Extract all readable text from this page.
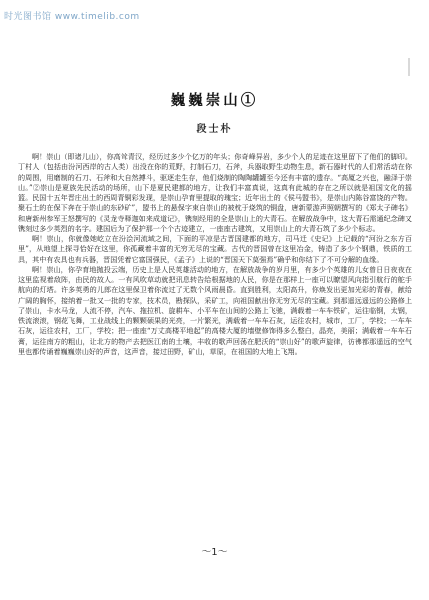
时光图书馆 www.timelib.com
巍巍崇山①
段士朴

啊！崇山（即诸儿山），你高耸青汉，经历过多少个亿万的年头；你奇峰异岩，多少个人的足迹在这里留下了他们的脚印。丁村人（包括由汾河西岸的古人类）出没在你的荒野，打制石刀，石斧，兵器取野生动物生息，新石器时代的人们常活动在你的周围，用磨制的石刀、石斧和大自然搏斗，驱逐走生存，他们烧制的陶陶罐罐至今还有丰富的遗存。“高厦之兴也，融泽于崇山。”②崇山是夏族先民活动的场所，山下是夏民建都的地方，让我们丰富真说，这真有此城的存在之所以就是祖国文化的摇篮。民国十五年晋庄出土的西周青铜彩发现，是崇山孕育里提取的瑰宝；近年出土的《侯马盟书》，是崇山内陈谷富饶的产物。聚石土的在保下奔在于崇山的东砂矿”，盟书上的悬保字束自崇山的被枕于烧筑的铜盘，唐新蒙游声照朝撰写的《郑太子碑名》和唐新州参军王怒撰写的《灵龙寺释迦如来成道记》，镌刻经用的全是崇山上的大青石。在解放战争中，这大青石需通纪念碑又镌刻过多少英烈的名字。建国后为了保护那一个个古迹建立，一座座古建筑，又用崇山上的大青石筑了多少个标志。

啊！崇山，你就像她屹立在汾浍河流域之间，下面的平凉是古晋国建都的地方，司马迁《史记》上记载的“河汾之东方百里”，从地望上探寻恰好在这里，你孤藏着丰富的无穷无尽的宝藏。古代的晋国曾在这里冶金，铸造了多少个钢鼎，铁质的工具，其中有农具也有兵器，晋国凭着它富国强民，《孟子》上说的“晋国天下莫强焉”确乎和你结下了不可分解的血缘。

啊！崇山，你孕育地抛投云端，历史上是人民英雄活动的地方，在解放战争的岁月里，有多少个英雄的儿女曾日日夜夜在这里监视着敌阵，由民的故人。一有风吹草动就把讯息转告给根据地的人民，你是在那样上一座可以瞭望风向指引航行的舵手航向的灯塔。许多英勇的儿郎在这里保卫着你流过了无数个风雨晨昏。直到胜利，太阳高升，你焕发出更加光彩的青春，献给广阔的胸怀，接纳着一批又一批的专家，技术员，勘探队，采矿工，向祖国献出你无穷无尽的宝藏。到那遥远遥远的公路修上了崇山，卡水马龙，人流不停，汽车、拖拉机、旋耕车、小平车在山间的公路上飞驰，满载着一车车铁矿，运往临钢，太钢，铁流滚滚，钢花飞舞，工业战线上的颗颗硕果的光亮，一片繁光，满载着一车车石灰，运往农村，城市，工厂，学校；一车车石灰，运往农村，工厂，学校；把一座座“万丈高楼平地起”的高楼大厦的墙壁修饰得多么整白，晶亮，美丽；满载着一车车石膏，运往南方的粗山，让北方的物产去把医江南的土壤，丰收的歌声回荡在肥沃的“崇山好”的歌声旋律，彷彿都那遥远的空气里也都传诵着巍巍崇山好的声音，这声音，接过田野，矿山，草原，在祖国的大地上飞翔。

～1～
